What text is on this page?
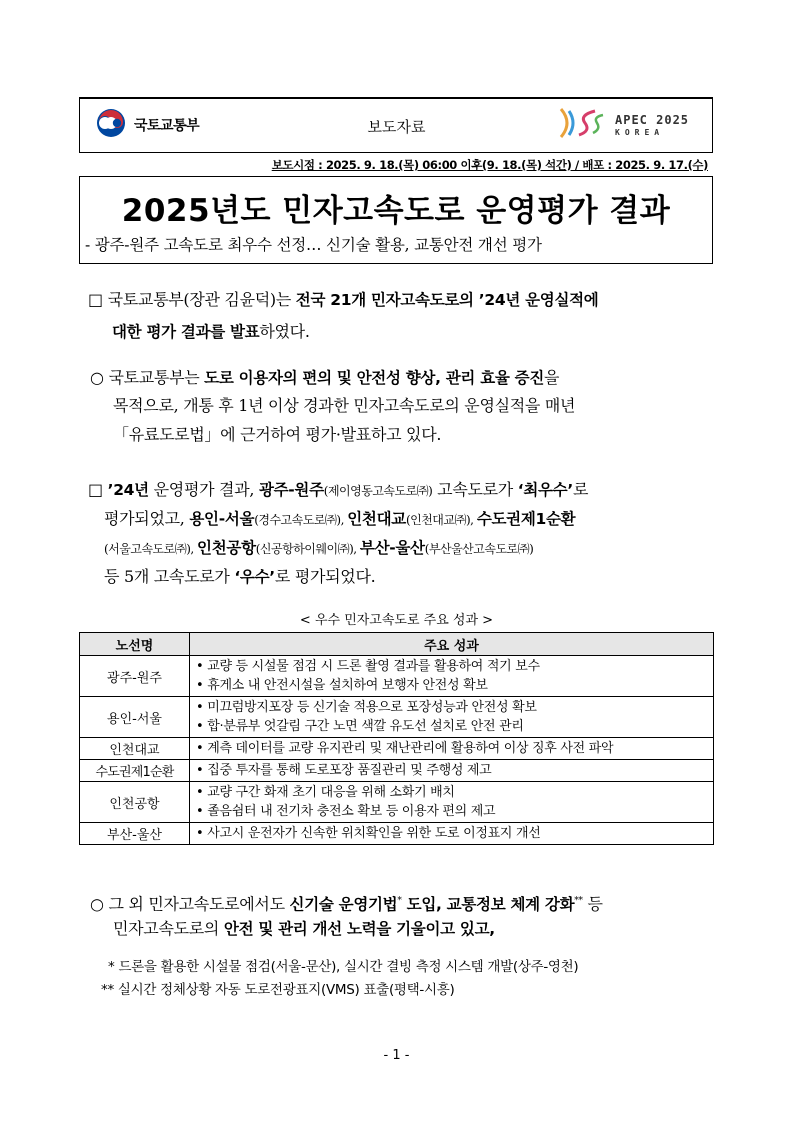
국토교통부	보도자료	APEC 2025
KOREA
보도시점 : 2025. 9. 18.(목) 06:00 이후(9. 18.(목) 석간) / 배포 : 2025. 9. 17.(수)
2025년도 민자고속도로 운영평가 결과
- 광주-원주 고속도로 최우수 선정… 신기술 활용, 교통안전 개선 평가
□ 국토교통부(장관 김윤덕)는 전국 21개 민자고속도로의 ’24년 운영실적에
대한 평가 결과를 발표하였다.
○ 국토교통부는 도로 이용자의 편의 및 안전성 향상, 관리 효율 증진을
목적으로, 개통 후 1년 이상 경과한 민자고속도로의 운영실적을 매년
「유료도로법」에 근거하여 평가·발표하고 있다.
□ ’24년 운영평가 결과, 광주-원주(제이영동고속도로㈜) 고속도로가 ‘최우수’로
평가되었고, 용인-서울(경수고속도로㈜), 인천대교(인천대교㈜), 수도권제1순환
(서울고속도로㈜), 인천공항(신공항하이웨이㈜), 부산-울산(부산울산고속도로㈜)
등 5개 고속도로가 ‘우수’로 평가되었다.
< 우수 민자고속도로 주요 성과 >
노선명	주요 성과
광주-원주	• 교량 등 시설물 점검 시 드론 촬영 결과를 활용하여 적기 보수
• 휴게소 내 안전시설을 설치하여 보행자 안전성 확보

용인-서울	• 미끄럼방지포장 등 신기술 적용으로 포장성능과 안전성 확보
• 합·분류부 엇갈림 구간 노면 색깔 유도선 설치로 안전 관리

인천대교	• 계측 데이터를 교량 유지관리 및 재난관리에 활용하여 이상 징후 사전 파악

수도권제1순환	• 집중 투자를 통해 도로포장 품질관리 및 주행성 제고

인천공항	• 교량 구간 화재 초기 대응을 위해 소화기 배치
• 졸음쉼터 내 전기차 충전소 확보 등 이용자 편의 제고

부산-울산	• 사고시 운전자가 신속한 위치확인을 위한 도로 이정표지 개선
○ 그 외 민자고속도로에서도 신기술 운영기법* 도입, 교통정보 체계 강화** 등
민자고속도로의 안전 및 관리 개선 노력을 기울이고 있고,
* 드론을 활용한 시설물 점검(서울-문산), 실시간 결빙 측정 시스템 개발(상주-영천)
** 실시간 정체상황 자동 도로전광표지(VMS) 표출(평택-시흥)
- 1 -
